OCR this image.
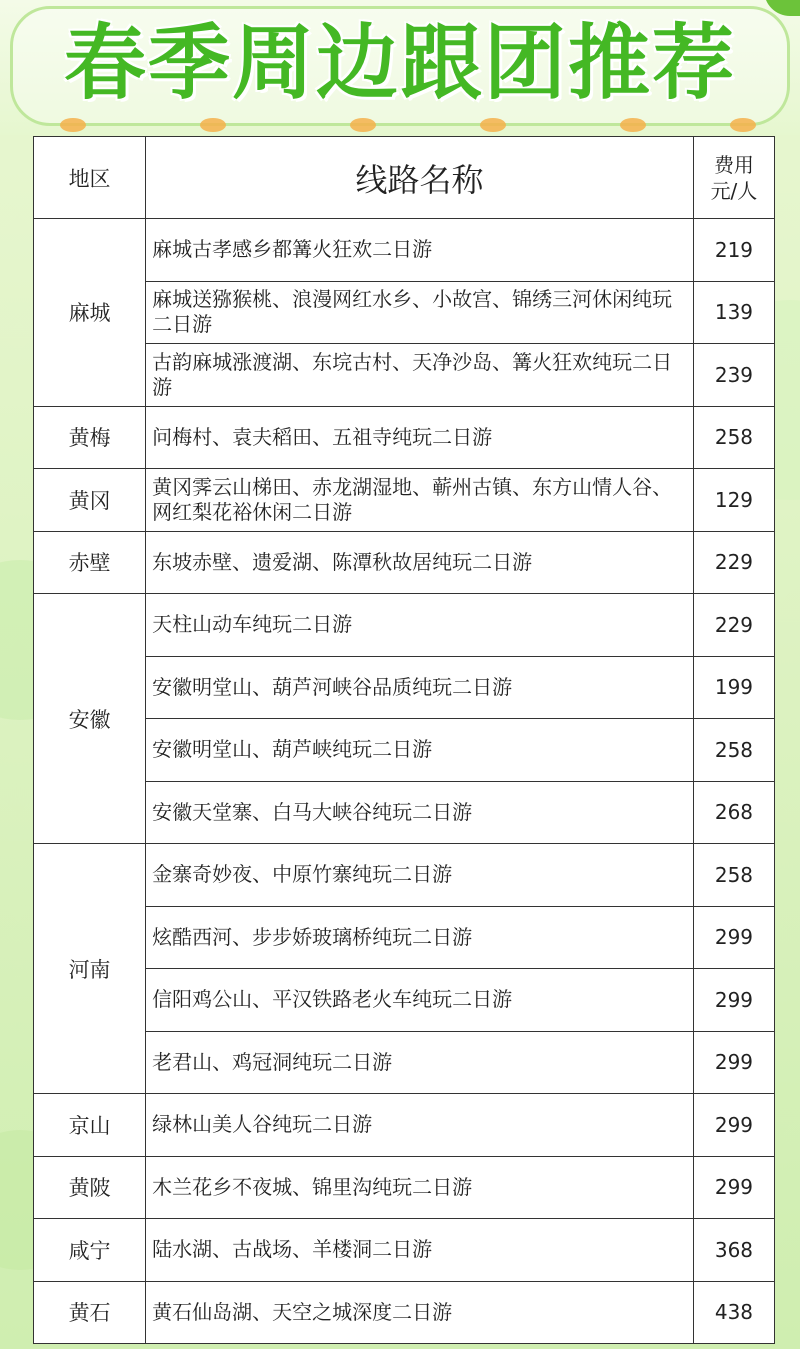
春季周边跟团推荐
地区	线路名称	费用
元/人

麻城	麻城古孝感乡都篝火狂欢二日游	219
	麻城送猕猴桃、浪漫网红水乡、小故宫、锦绣三河休闲纯玩二日游	139
	古韵麻城涨渡湖、东垸古村、天净沙岛、篝火狂欢纯玩二日游	239
黄梅	问梅村、袁夫稻田、五祖寺纯玩二日游	258
黄冈	黄冈霁云山梯田、赤龙湖湿地、蕲州古镇、东方山情人谷、网红梨花裕休闲二日游	129
赤壁	东坡赤壁、遗爱湖、陈潭秋故居纯玩二日游	229
安徽	天柱山动车纯玩二日游	229
	安徽明堂山、葫芦河峡谷品质纯玩二日游	199
	安徽明堂山、葫芦峡纯玩二日游	258
	安徽天堂寨、白马大峡谷纯玩二日游	268
河南	金寨奇妙夜、中原竹寨纯玩二日游	258
	炫酷西河、步步娇玻璃桥纯玩二日游	299
	信阳鸡公山、平汉铁路老火车纯玩二日游	299
	老君山、鸡冠洞纯玩二日游	299
京山	绿林山美人谷纯玩二日游	299
黄陂	木兰花乡不夜城、锦里沟纯玩二日游	299
咸宁	陆水湖、古战场、羊楼洞二日游	368
黄石	黄石仙岛湖、天空之城深度二日游	438
